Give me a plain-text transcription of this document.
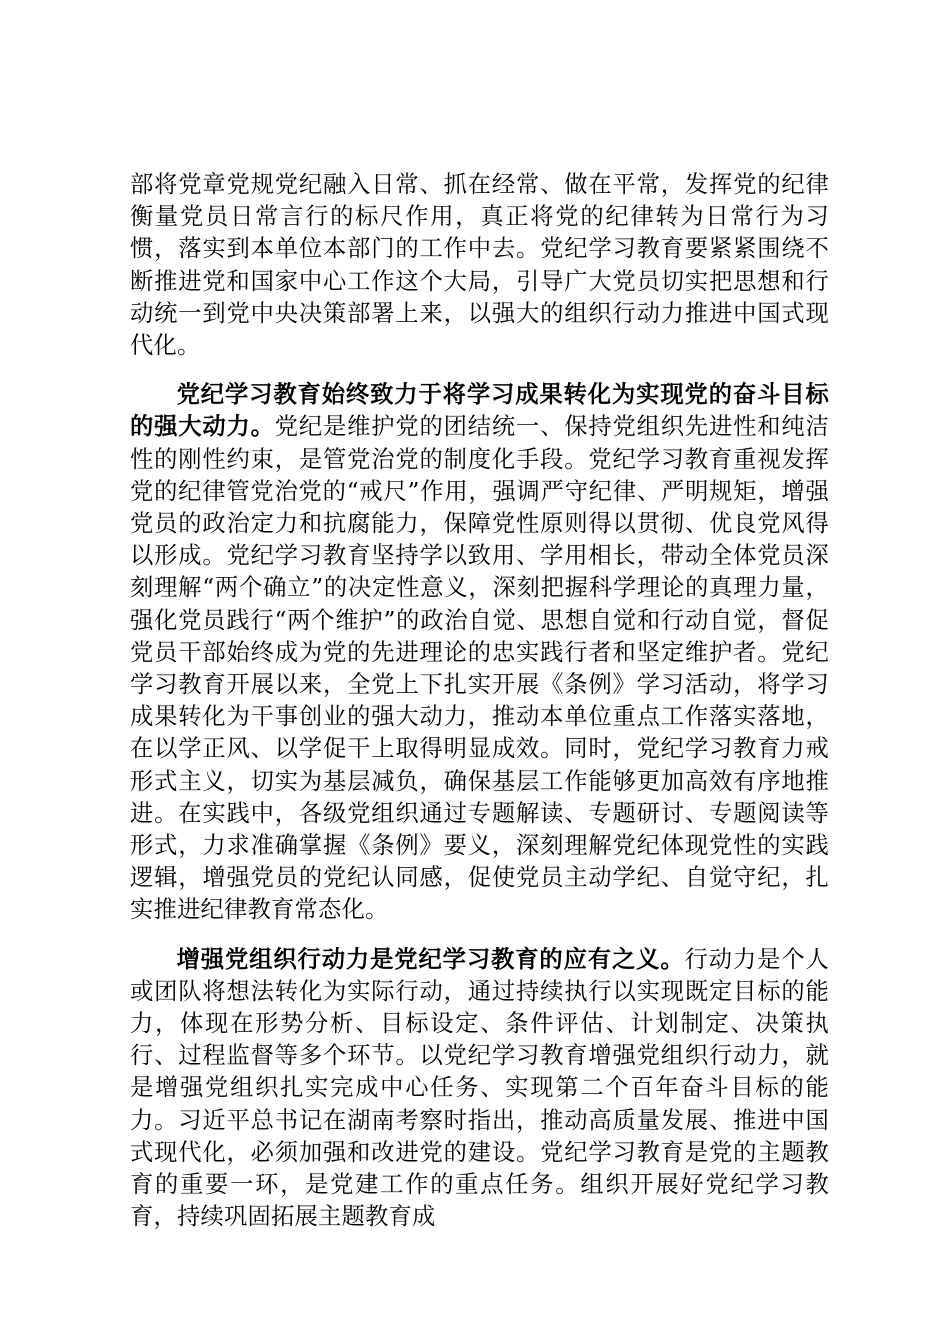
部将党章党规党纪融入日常、抓在经常、做在平常，发挥党的纪律衡量党员日常言行的标尺作用，真正将党的纪律转为日常行为习惯，落实到本单位本部门的工作中去。党纪学习教育要紧紧围绕不断推进党和国家中心工作这个大局，引导广大党员切实把思想和行动统一到党中央决策部署上来，以强大的组织行动力推进中国式现代化。

党纪学习教育始终致力于将学习成果转化为实现党的奋斗目标的强大动力。党纪是维护党的团结统一、保持党组织先进性和纯洁性的刚性约束，是管党治党的制度化手段。党纪学习教育重视发挥党的纪律管党治党的“戒尺”作用，强调严守纪律、严明规矩，增强党员的政治定力和抗腐能力，保障党性原则得以贯彻、优良党风得以形成。党纪学习教育坚持学以致用、学用相长，带动全体党员深刻理解“两个确立”的决定性意义，深刻把握科学理论的真理力量，强化党员践行“两个维护”的政治自觉、思想自觉和行动自觉，督促党员干部始终成为党的先进理论的忠实践行者和坚定维护者。党纪学习教育开展以来，全党上下扎实开展《条例》学习活动，将学习成果转化为干事创业的强大动力，推动本单位重点工作落实落地，在以学正风、以学促干上取得明显成效。同时，党纪学习教育力戒形式主义，切实为基层减负，确保基层工作能够更加高效有序地推进。在实践中，各级党组织通过专题解读、专题研讨、专题阅读等形式，力求准确掌握《条例》要义，深刻理解党纪体现党性的实践逻辑，增强党员的党纪认同感，促使党员主动学纪、自觉守纪，扎实推进纪律教育常态化。

增强党组织行动力是党纪学习教育的应有之义。行动力是个人或团队将想法转化为实际行动，通过持续执行以实现既定目标的能力，体现在形势分析、目标设定、条件评估、计划制定、决策执行、过程监督等多个环节。以党纪学习教育增强党组织行动力，就是增强党组织扎实完成中心任务、实现第二个百年奋斗目标的能力。习近平总书记在湖南考察时指出，推动高质量发展、推进中国式现代化，必须加强和改进党的建设。党纪学习教育是党的主题教育的重要一环，是党建工作的重点任务。组织开展好党纪学习教育，持续巩固拓展主题教育成
